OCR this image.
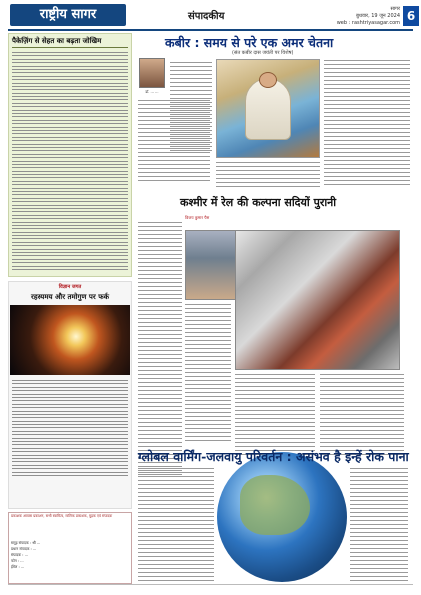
राष्ट्रीय सागर	संपादकीय
सागर
बुधवार, 19 जून 2024
web : rashtriyasagar.com 6
पैकेज़िंग से सेहत का बढ़ता जोखिम
विज्ञान जगत
रहस्यमय और तमोगुण पर फर्क
प्रकाशक आवास प्रकाशन, सभी स्वामित्व, मालिक प्रकाशक, मुद्रक एवं संपादक
समूह संपादक : श्री ...
प्रधान संपादक : ...
संपादक : ...
फोन : ...
ईमेल : ...
कबीर : समय से परे एक अमर चेतना
(संत कबीर दास जयंती पर विशेष)
डॉ. ... ...
कश्मीर में रेल की कल्पना सदियों पुरानी
विजय कुमार पैस
ग्लोबल वार्मिंग-जलवायु परिवर्तन : असंभव है इन्हें रोक पाना
